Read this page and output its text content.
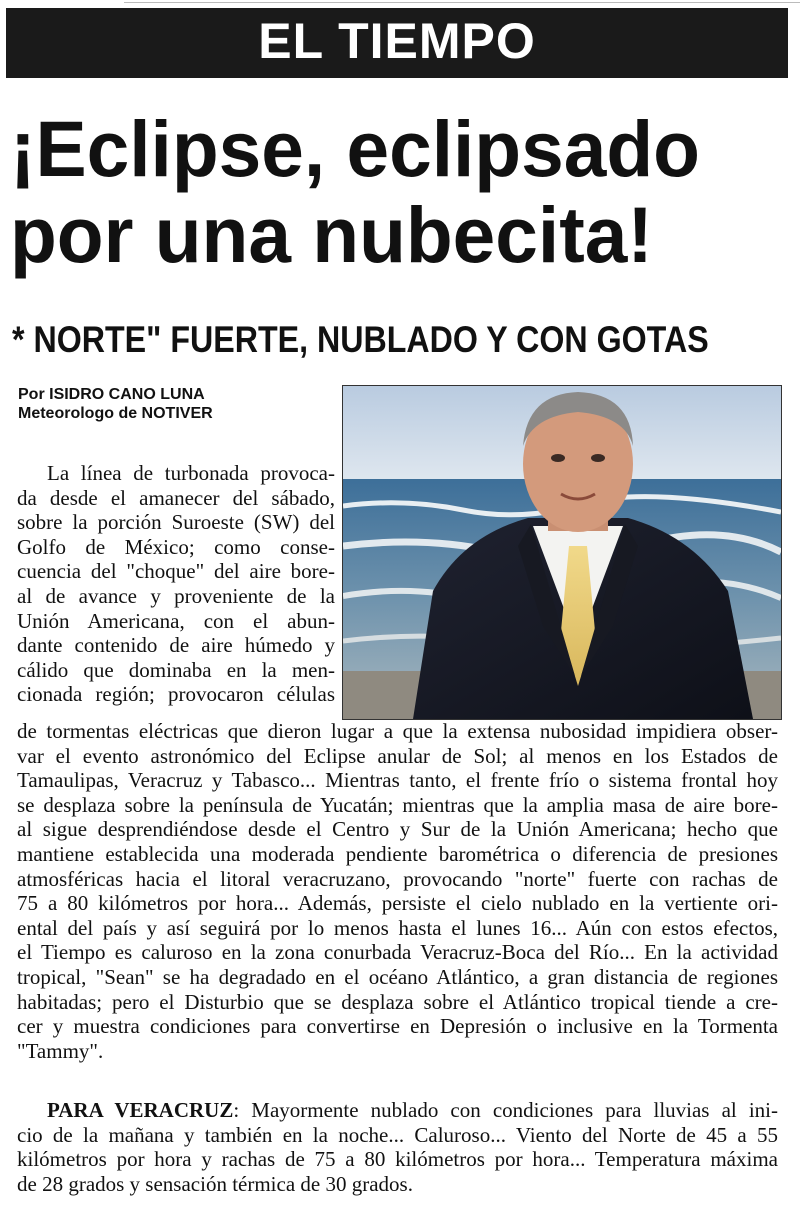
EL TIEMPO
¡Eclipse, eclipsado
por una nubecita!
* NORTE" FUERTE, NUBLADO Y CON GOTAS
Por ISIDRO CANO LUNA
Meteorologo de NOTIVER
La línea de turbonada provoca-
da desde el amanecer del sábado,
sobre la porción Suroeste (SW) del
Golfo de México; como conse-
cuencia del "choque" del aire bore-
al de avance y proveniente de la
Unión Americana, con el abun-
dante contenido de aire húmedo y
cálido que dominaba en la men-
cionada región; provocaron células
de tormentas eléctricas que dieron lugar a que la extensa nubosidad impidiera obser-
var el evento astronómico del Eclipse anular de Sol; al menos en los Estados de
Tamaulipas, Veracruz y Tabasco... Mientras tanto, el frente frío o sistema frontal hoy
se desplaza sobre la península de Yucatán; mientras que la amplia masa de aire bore-
al sigue desprendiéndose desde el Centro y Sur de la Unión Americana; hecho que
mantiene establecida una moderada pendiente barométrica o diferencia de presiones
atmosféricas hacia el litoral veracruzano, provocando "norte" fuerte con rachas de
75 a 80 kilómetros por hora... Además, persiste el cielo nublado en la vertiente ori-
ental del país y así seguirá por lo menos hasta el lunes 16... Aún con estos efectos,
el Tiempo es caluroso en la zona conurbada Veracruz-Boca del Río... En la actividad
tropical, "Sean" se ha degradado en el océano Atlántico, a gran distancia de regiones
habitadas; pero el Disturbio que se desplaza sobre el Atlántico tropical tiende a cre-
cer y muestra condiciones para convertirse en Depresión o inclusive en la Tormenta
"Tammy".
PARA VERACRUZ: Mayormente nublado con condiciones para lluvias al ini-
cio de la mañana y también en la noche... Caluroso... Viento del Norte de 45 a 55
kilómetros por hora y rachas de 75 a 80 kilómetros por hora... Temperatura máxima
de 28 grados y sensación térmica de 30 grados.
